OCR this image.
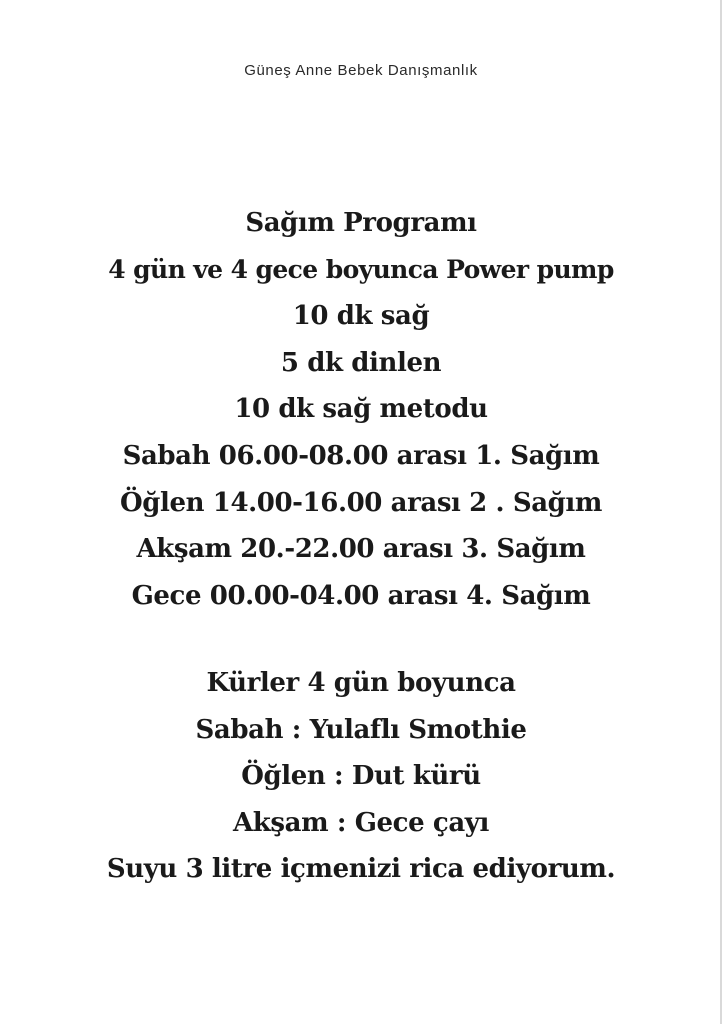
Güneş Anne Bebek Danışmanlık
Sağım Programı
4 gün ve 4 gece boyunca Power pump
10 dk sağ
5 dk dinlen
10 dk sağ metodu
Sabah 06.00-08.00 arası 1. Sağım
Öğlen 14.00-16.00 arası 2 . Sağım
Akşam 20.-22.00 arası 3. Sağım
Gece 00.00-04.00 arası 4. Sağım
Kürler 4 gün boyunca
Sabah : Yulaflı Smothie
Öğlen : Dut kürü
Akşam : Gece çayı
Suyu 3 litre içmenizi rica ediyorum.
